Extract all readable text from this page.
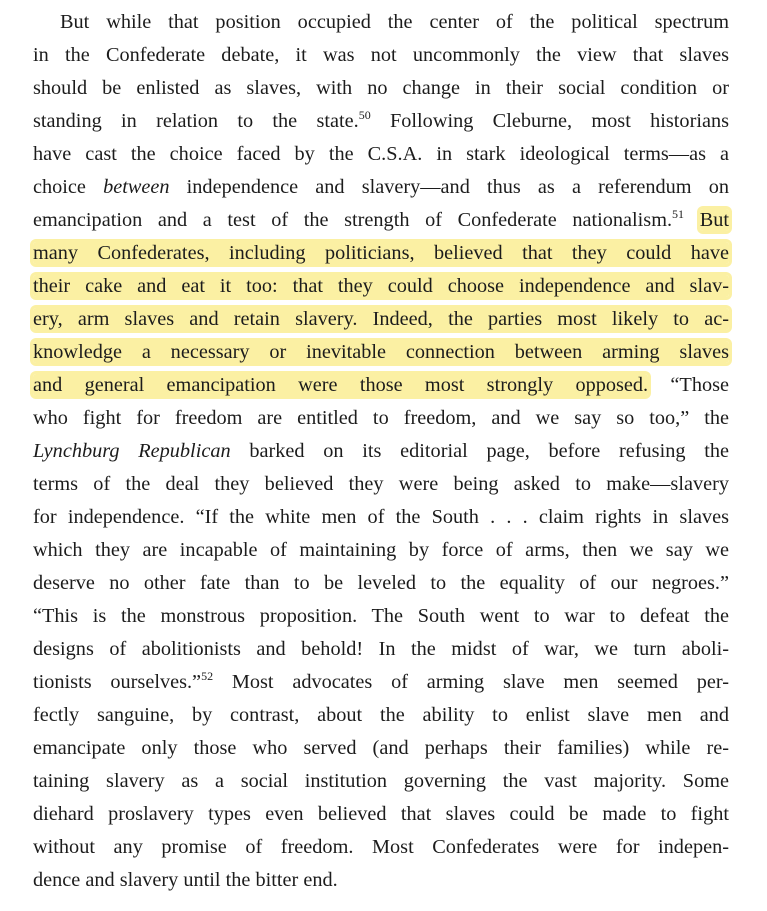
But while that position occupied the center of the political spectrum
in the Confederate debate, it was not uncommonly the view that slaves
should be enlisted as slaves, with no change in their social condition or
standing in relation to the state.$^{50}$ Following Cleburne, most historians
have cast the choice faced by the C.S.A. in stark ideological terms—as a
choice between independence and slavery—and thus as a referendum on
emancipation and a test of the strength of Confederate nationalism.$^{51}$ But
many Confederates, including politicians, believed that they could have
their cake and eat it too: that they could choose independence and slav-
ery, arm slaves and retain slavery. Indeed, the parties most likely to ac-
knowledge a necessary or inevitable connection between arming slaves
and general emancipation were those most strongly opposed. “Those
who fight for freedom are entitled to freedom, and we say so too,” the
Lynchburg Republican barked on its editorial page, before refusing the
terms of the deal they believed they were being asked to make—slavery
for independence. “If the white men of the South . . . claim rights in slaves
which they are incapable of maintaining by force of arms, then we say we
deserve no other fate than to be leveled to the equality of our negroes.”
“This is the monstrous proposition. The South went to war to defeat the
designs of abolitionists and behold! In the midst of war, we turn aboli-
tionists ourselves.”$^{52}$ Most advocates of arming slave men seemed per-
fectly sanguine, by contrast, about the ability to enlist slave men and
emancipate only those who served (and perhaps their families) while re-
taining slavery as a social institution governing the vast majority. Some
diehard proslavery types even believed that slaves could be made to fight
without any promise of freedom. Most Confederates were for indepen-
dence and slavery until the bitter end.
